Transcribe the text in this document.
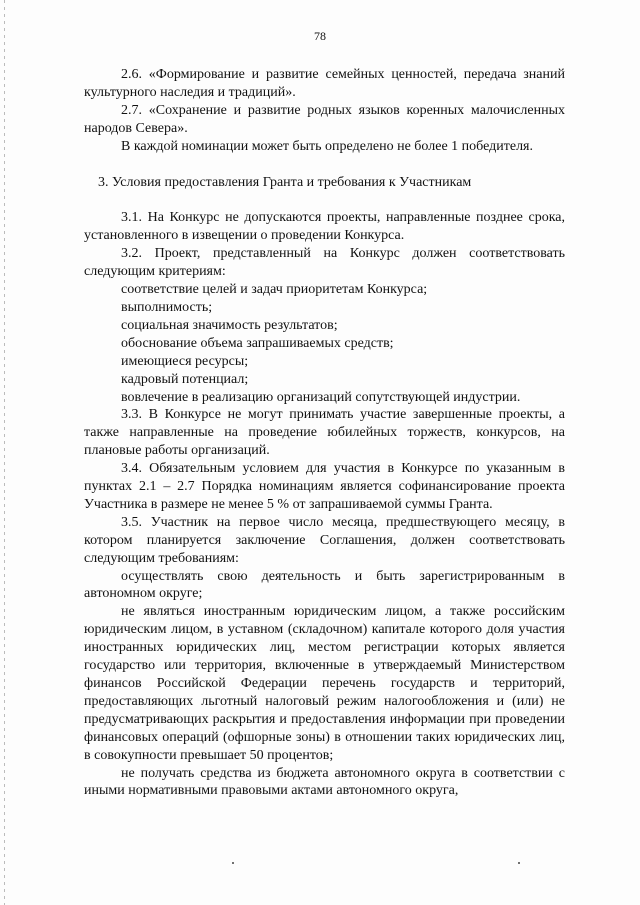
78

2.6. «Формирование и развитие семейных ценностей, передача знаний культурного наследия и традиций».

2.7. «Сохранение и развитие родных языков коренных малочисленных народов Севера».

В каждой номинации может быть определено не более 1 победителя.

3. Условия предоставления Гранта и требования к Участникам

3.1. На Конкурс не допускаются проекты, направленные позднее срока, установленного в извещении о проведении Конкурса.

3.2. Проект, представленный на Конкурс должен соответствовать следующим критериям:

соответствие целей и задач приоритетам Конкурса;

выполнимость;

социальная значимость результатов;

обоснование объема запрашиваемых средств;

имеющиеся ресурсы;

кадровый потенциал;

вовлечение в реализацию организаций сопутствующей индустрии.

3.3. В Конкурсе не могут принимать участие завершенные проекты, а также направленные на проведение юбилейных торжеств, конкурсов, на плановые работы организаций.

3.4. Обязательным условием для участия в Конкурсе по указанным в пунктах 2.1 – 2.7 Порядка номинациям является софинансирование проекта Участника в размере не менее 5 % от запрашиваемой суммы Гранта.

3.5. Участник на первое число месяца, предшествующего месяцу, в котором планируется заключение Соглашения, должен соответствовать следующим требованиям:

осуществлять свою деятельность и быть зарегистрированным в автономном округе;

не являться иностранным юридическим лицом, а также российским юридическим лицом, в уставном (складочном) капитале которого доля участия иностранных юридических лиц, местом регистрации которых является государство или территория, включенные в утверждаемый Министерством финансов Российской Федерации перечень государств и территорий, предоставляющих льготный налоговый режим налогообложения и (или) не предусматривающих раскрытия и предоставления информации при проведении финансовых операций (офшорные зоны) в отношении таких юридических лиц, в совокупности превышает 50 процентов;

не получать средства из бюджета автономного округа в соответствии с иными нормативными правовыми актами автономного округа,
